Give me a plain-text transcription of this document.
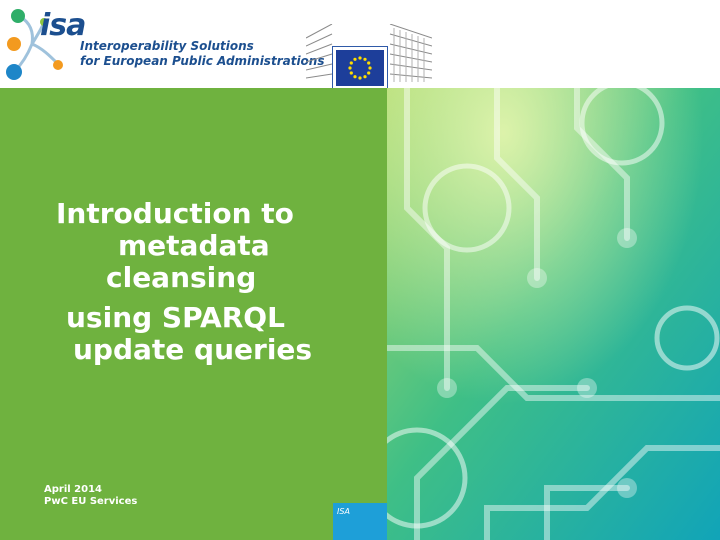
isa
Interoperability Solutions
for European Public Administrations
Introduction to
metadata
cleansing
using SPARQL
update queries
April 2014
PwC EU Services
ISA
